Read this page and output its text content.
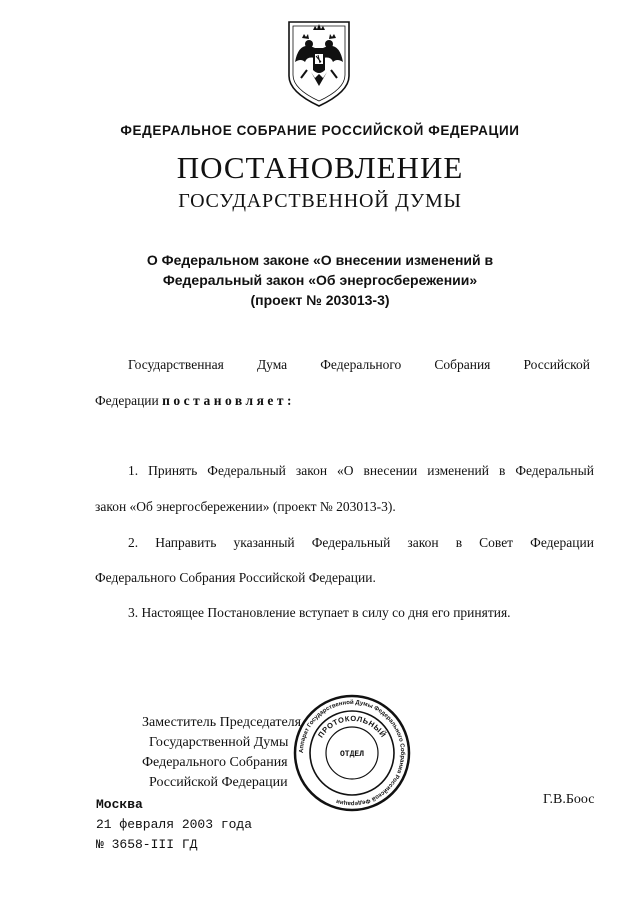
ФЕДЕРАЛЬНОЕ СОБРАНИЕ РОССИЙСКОЙ ФЕДЕРАЦИИ
ПОСТАНОВЛЕНИЕ
ГОСУДАРСТВЕННОЙ ДУМЫ
О Федеральном законе «О внесении изменений в
Федеральный закон «Об энергосбережении»
(проект № 203013-3)
Государственная Дума Федерального Собрания Российской
Федерации постановляет:
1. Принять Федеральный закон «О внесении изменений в Федеральный
закон «Об энергосбережении» (проект № 203013-3).
2. Направить указанный Федеральный закон в Совет Федерации
Федерального Собрания Российской Федерации.
3. Настоящее Постановление вступает в силу со дня его принятия.
Заместитель Председателя
Государственной Думы
Федерального Собрания
Российской Федерации
Г.В.Боос
Аппарат Государственной Думы Федерального Собрания Российской Федерации
ПРОТОКОЛЬНЫЙ
ОТДЕЛ
Москва
21 февраля 2003 года
№ 3658-III ГД
